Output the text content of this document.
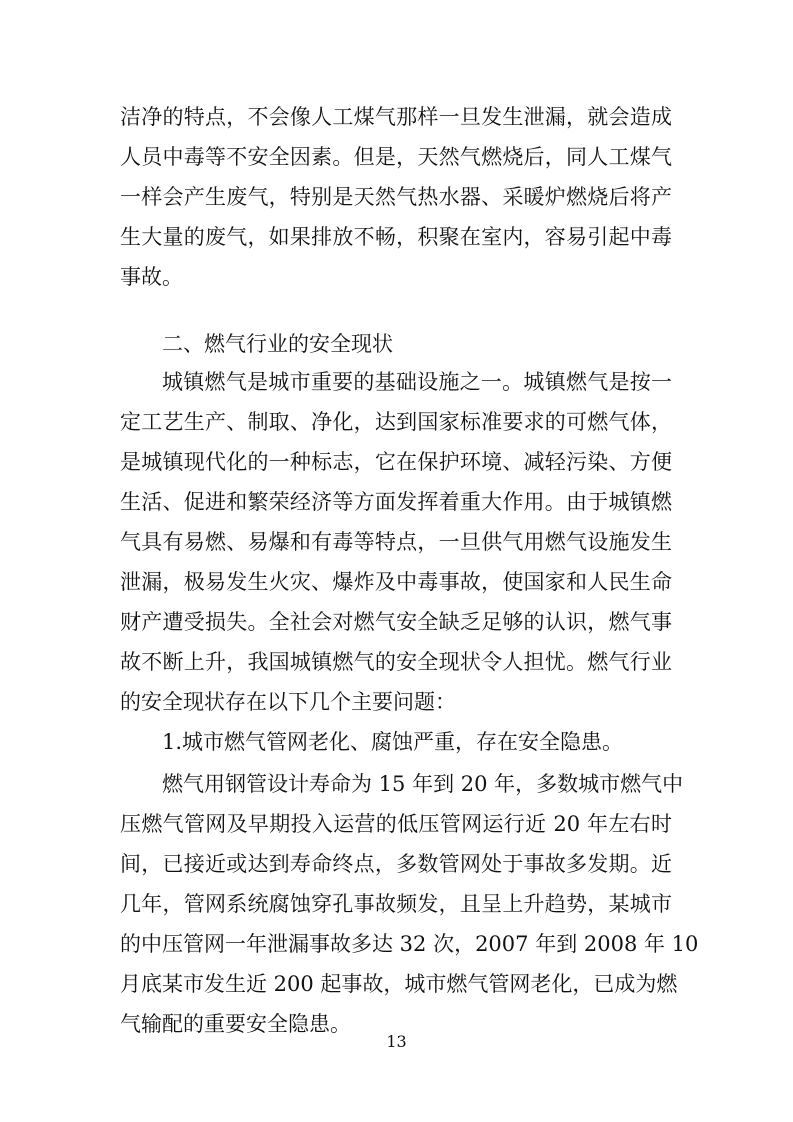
洁净的特点，不会像人工煤气那样一旦发生泄漏，就会造成
人员中毒等不安全因素。但是，天然气燃烧后，同人工煤气
一样会产生废气，特别是天然气热水器、采暖炉燃烧后将产
生大量的废气，如果排放不畅，积聚在室内，容易引起中毒
事故。
二、燃气行业的安全现状
城镇燃气是城市重要的基础设施之一。城镇燃气是按一
定工艺生产、制取、净化，达到国家标准要求的可燃气体，
是城镇现代化的一种标志，它在保护环境、减轻污染、方便
生活、促进和繁荣经济等方面发挥着重大作用。由于城镇燃
气具有易燃、易爆和有毒等特点，一旦供气用燃气设施发生
泄漏，极易发生火灾、爆炸及中毒事故，使国家和人民生命
财产遭受损失。全社会对燃气安全缺乏足够的认识，燃气事
故不断上升，我国城镇燃气的安全现状令人担忧。燃气行业
的安全现状存在以下几个主要问题：
1.城市燃气管网老化、腐蚀严重，存在安全隐患。
燃气用钢管设计寿命为 15 年到 20 年，多数城市燃气中
压燃气管网及早期投入运营的低压管网运行近 20 年左右时
间，已接近或达到寿命终点，多数管网处于事故多发期。近
几年，管网系统腐蚀穿孔事故频发，且呈上升趋势，某城市
的中压管网一年泄漏事故多达 32 次，2007 年到 2008 年 10
月底某市发生近 200 起事故，城市燃气管网老化，已成为燃
气输配的重要安全隐患。
13
